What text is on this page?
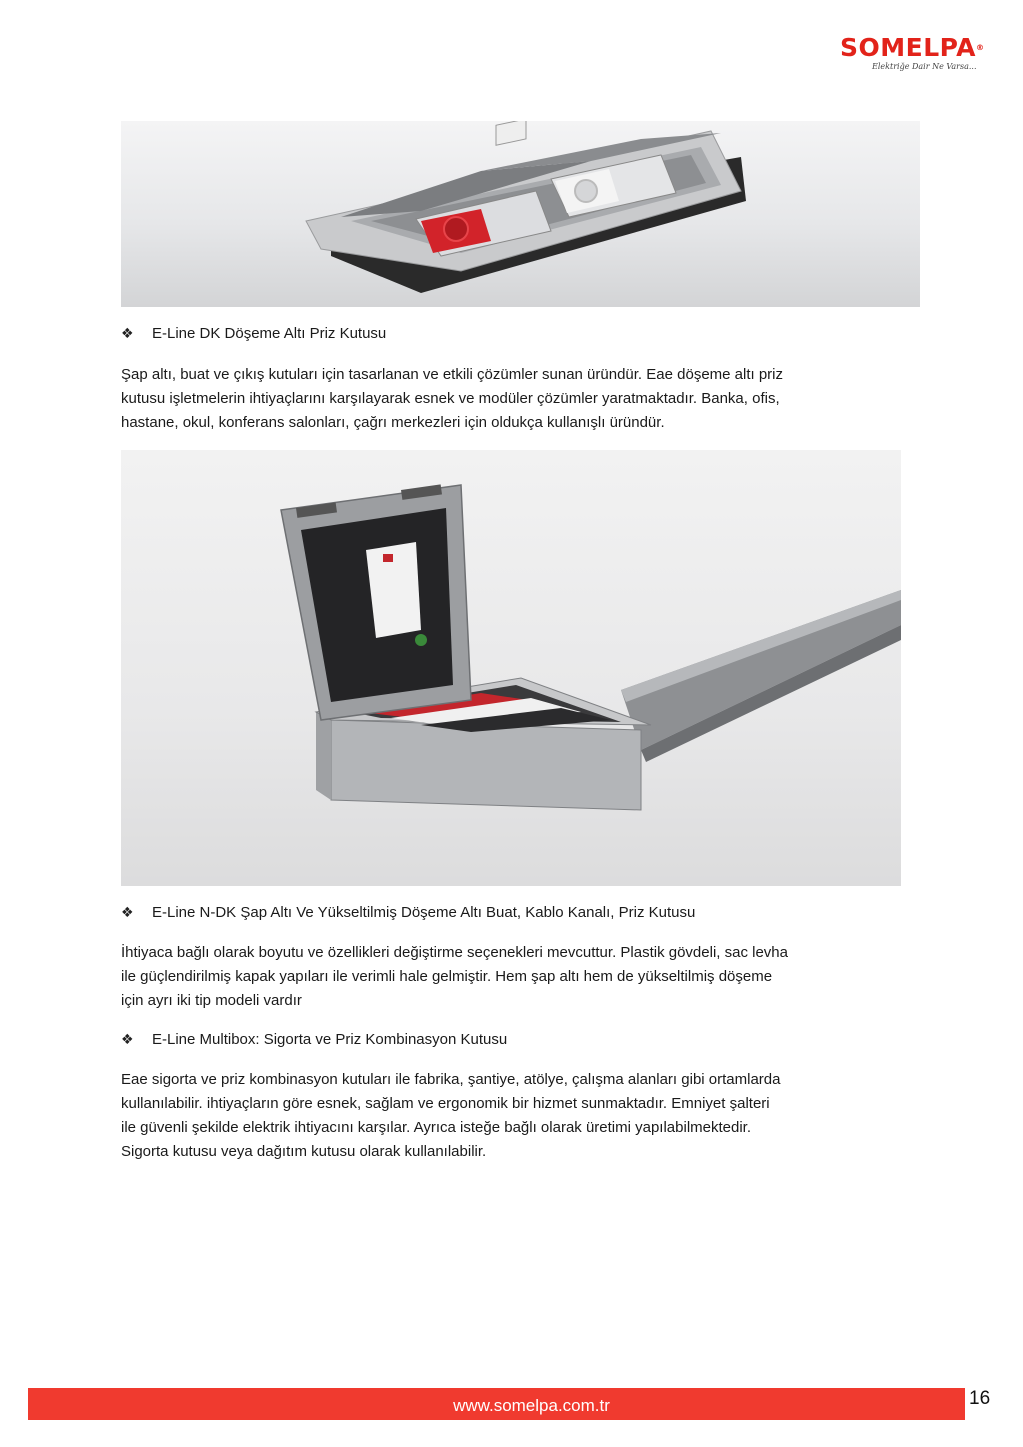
SOMELPA®
Elektriğe Dair Ne Varsa...
❖	E-Line DK Döşeme Altı Priz Kutusu
Şap altı, buat ve çıkış kutuları için tasarlanan ve etkili çözümler sunan üründür. Eae döşeme altı priz
kutusu işletmelerin ihtiyaçlarını karşılayarak esnek ve modüler çözümler yaratmaktadır. Banka, ofis,
hastane, okul, konferans salonları, çağrı merkezleri için oldukça kullanışlı üründür.
❖	E-Line N-DK Şap Altı Ve Yükseltilmiş Döşeme Altı Buat, Kablo Kanalı, Priz Kutusu
İhtiyaca bağlı olarak boyutu ve özellikleri değiştirme seçenekleri mevcuttur. Plastik gövdeli, sac levha
ile güçlendirilmiş kapak yapıları ile verimli hale gelmiştir. Hem şap altı hem de yükseltilmiş döşeme
için ayrı iki tip modeli vardır
❖	E-Line Multibox: Sigorta ve Priz Kombinasyon Kutusu
Eae sigorta ve priz kombinasyon kutuları ile fabrika, şantiye, atölye, çalışma alanları gibi ortamlarda
kullanılabilir. ihtiyaçların göre esnek, sağlam ve ergonomik bir hizmet sunmaktadır. Emniyet şalteri
ile güvenli şekilde elektrik ihtiyacını karşılar. Ayrıca isteğe bağlı olarak üretimi yapılabilmektedir.
Sigorta kutusu veya dağıtım kutusu olarak kullanılabilir.
www.somelpa.com.tr	16
